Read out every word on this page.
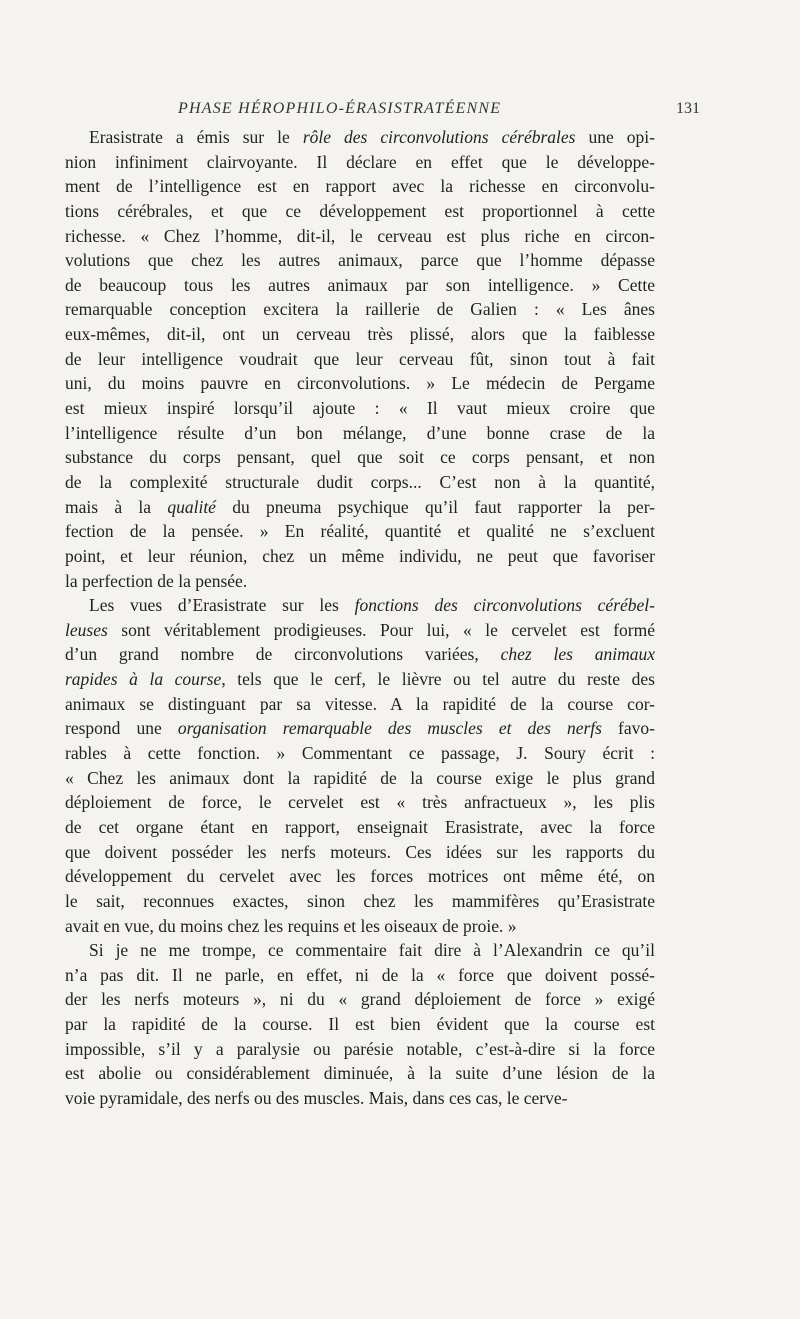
PHASE HÉROPHILO-ÉRASISTRATÉENNE	131
Erasistrate a émis sur le rôle des circonvolutions cérébrales une opi-
nion infiniment clairvoyante. Il déclare en effet que le développe-
ment de l’intelligence est en rapport avec la richesse en circonvolu-
tions cérébrales, et que ce développement est proportionnel à cette
richesse. « Chez l’homme, dit-il, le cerveau est plus riche en circon-
volutions que chez les autres animaux, parce que l’homme dépasse
de beaucoup tous les autres animaux par son intelligence. » Cette
remarquable conception excitera la raillerie de Galien : « Les ânes
eux-mêmes, dit-il, ont un cerveau très plissé, alors que la faiblesse
de leur intelligence voudrait que leur cerveau fût, sinon tout à fait
uni, du moins pauvre en circonvolutions. » Le médecin de Pergame
est mieux inspiré lorsqu’il ajoute : « Il vaut mieux croire que
l’intelligence résulte d’un bon mélange, d’une bonne crase de la
substance du corps pensant, quel que soit ce corps pensant, et non
de la complexité structurale dudit corps... C’est non à la quantité,
mais à la qualité du pneuma psychique qu’il faut rapporter la per-
fection de la pensée. » En réalité, quantité et qualité ne s’excluent
point, et leur réunion, chez un même individu, ne peut que favoriser
la perfection de la pensée.
Les vues d’Erasistrate sur les fonctions des circonvolutions cérébel-
leuses sont véritablement prodigieuses. Pour lui, « le cervelet est formé
d’un grand nombre de circonvolutions variées, chez les animaux
rapides à la course, tels que le cerf, le lièvre ou tel autre du reste des
animaux se distinguant par sa vitesse. A la rapidité de la course cor-
respond une organisation remarquable des muscles et des nerfs favo-
rables à cette fonction. » Commentant ce passage, J. Soury écrit :
« Chez les animaux dont la rapidité de la course exige le plus grand
déploiement de force, le cervelet est « très anfractueux », les plis
de cet organe étant en rapport, enseignait Erasistrate, avec la force
que doivent posséder les nerfs moteurs. Ces idées sur les rapports du
développement du cervelet avec les forces motrices ont même été, on
le sait, reconnues exactes, sinon chez les mammifères qu’Erasistrate
avait en vue, du moins chez les requins et les oiseaux de proie. »
Si je ne me trompe, ce commentaire fait dire à l’Alexandrin ce qu’il
n’a pas dit. Il ne parle, en effet, ni de la « force que doivent possé-
der les nerfs moteurs », ni du « grand déploiement de force » exigé
par la rapidité de la course. Il est bien évident que la course est
impossible, s’il y a paralysie ou parésie notable, c’est-à-dire si la force
est abolie ou considérablement diminuée, à la suite d’une lésion de la
voie pyramidale, des nerfs ou des muscles. Mais, dans ces cas, le cerve-
